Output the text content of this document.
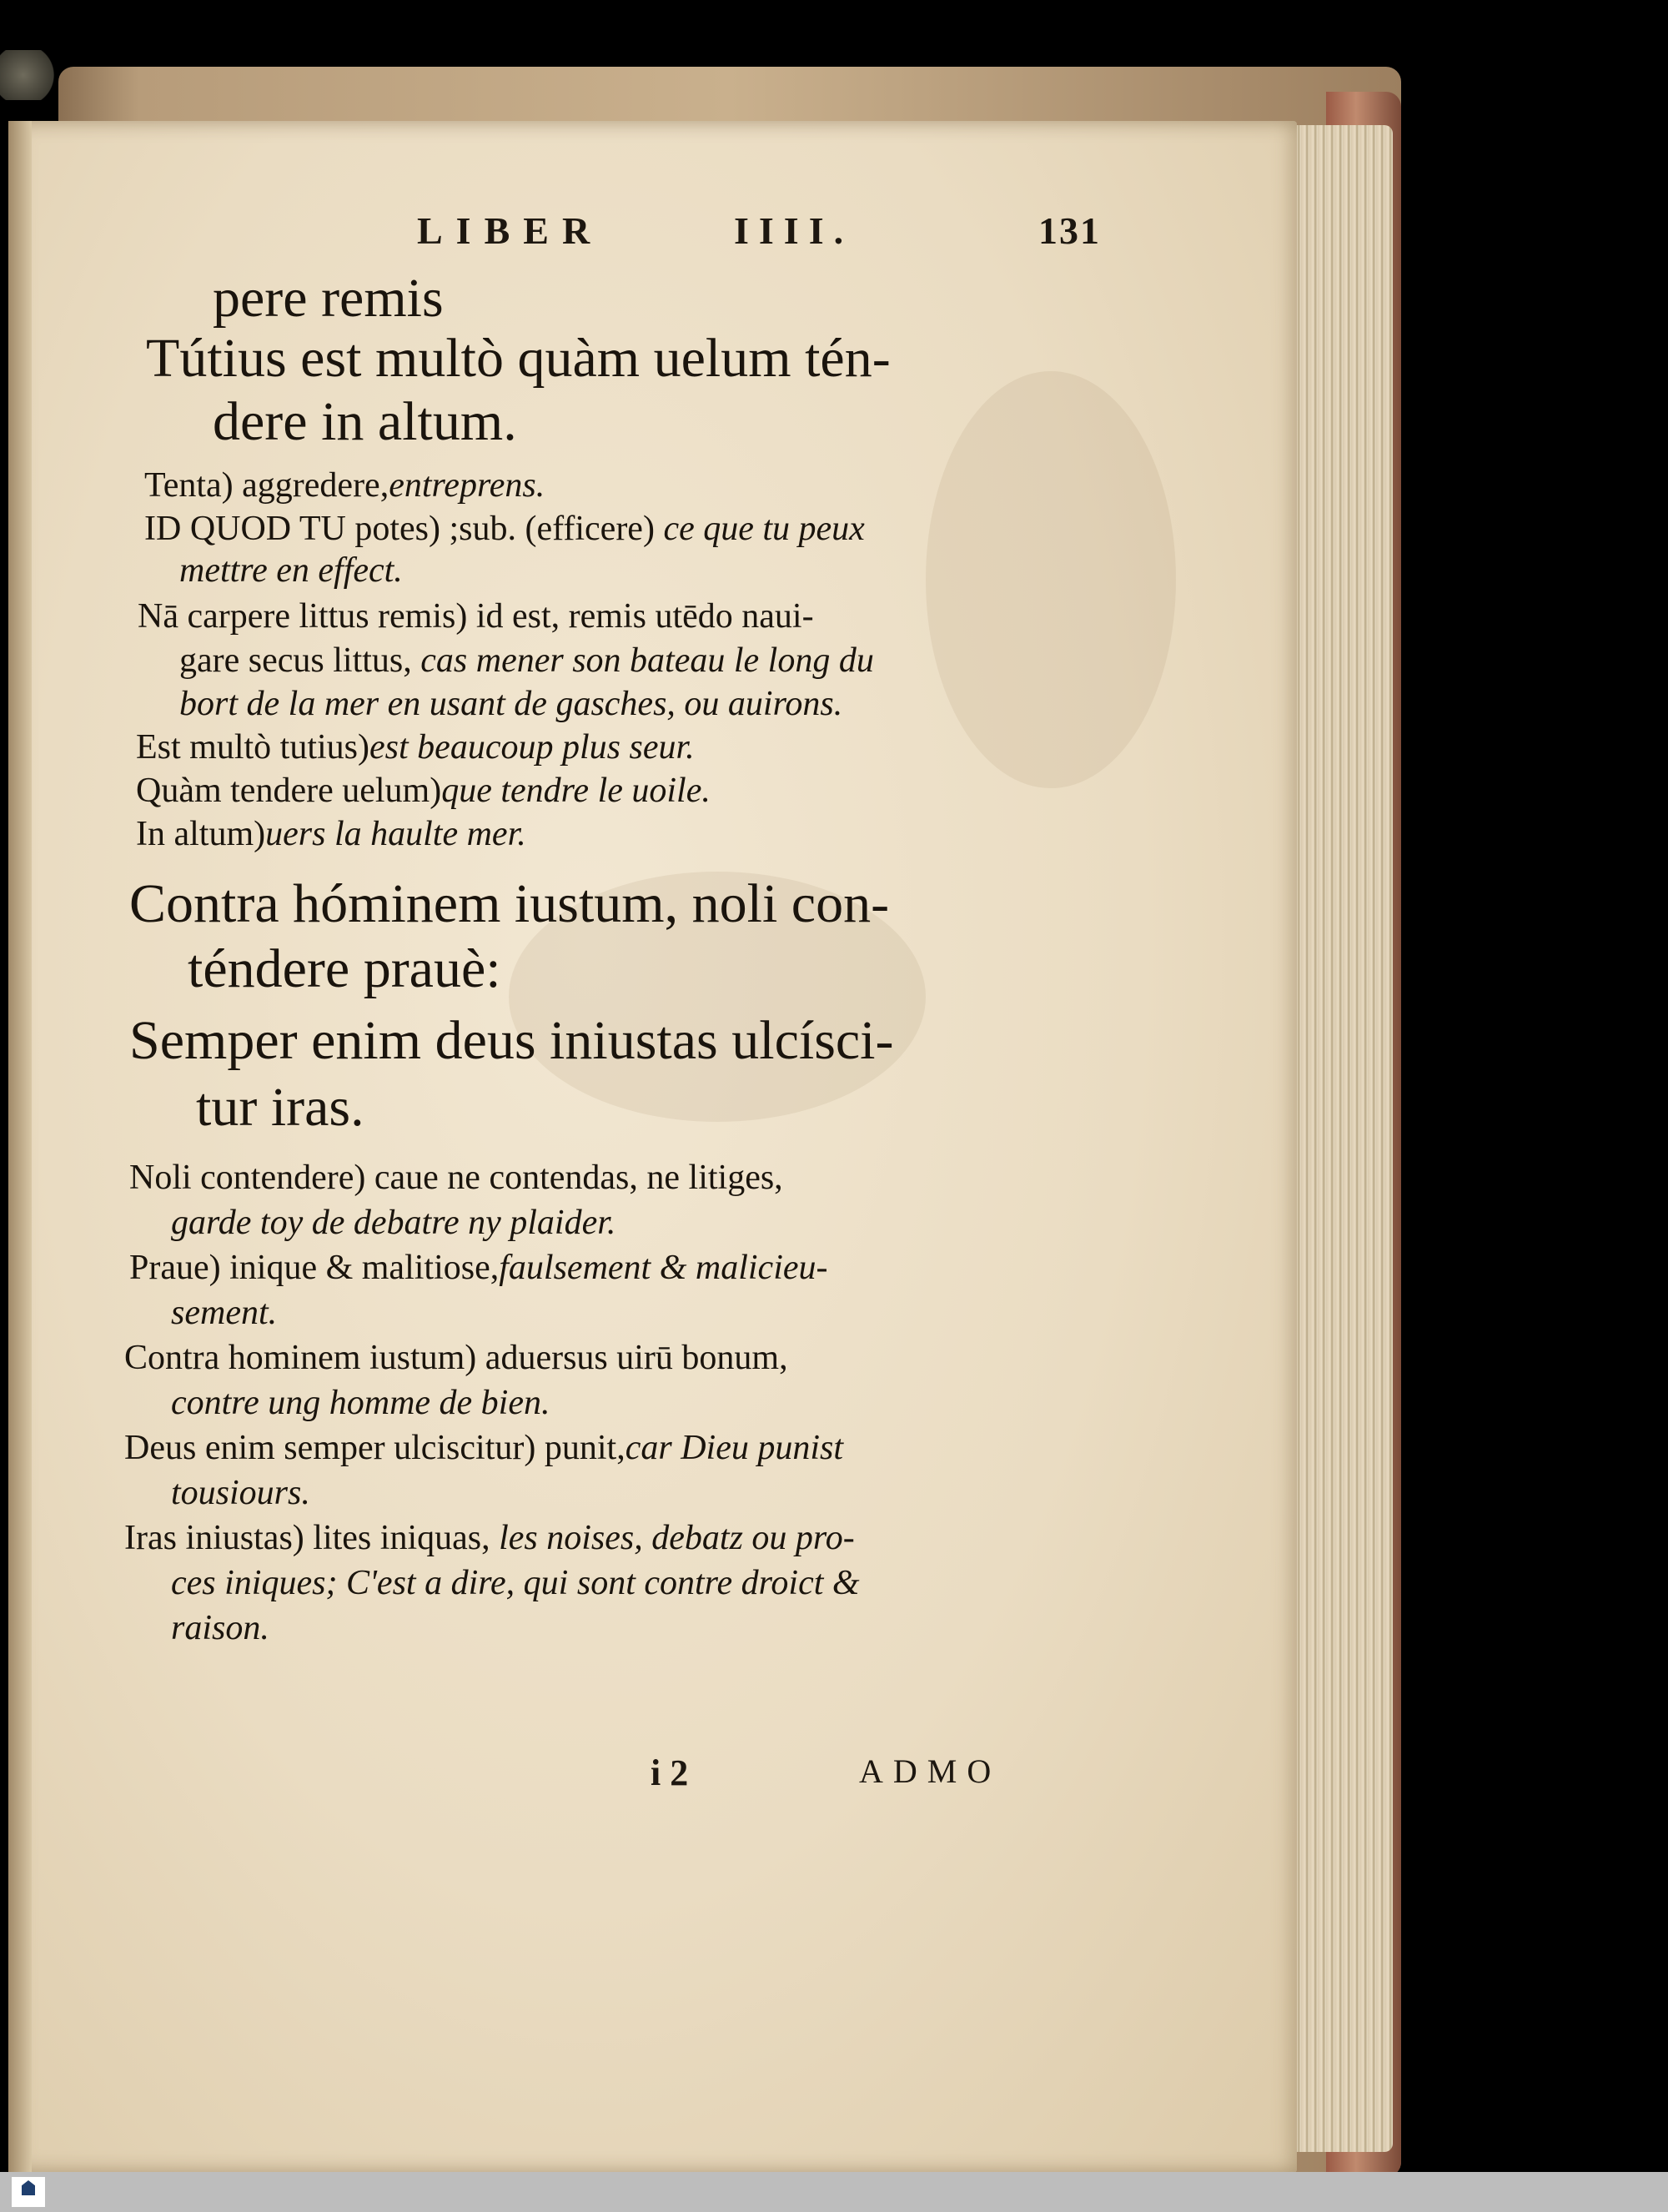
LIBER	IIII.	131
pere remis
Tútius est multò quàm uelum tén-
dere in altum.
Tenta) aggredere,entreprens.
ID QUOD TU potes) ;sub. (efficere) ce que tu peux
mettre en effect.
Nā carpere littus remis) id est, remis utēdo naui-
gare secus littus, cas mener son bateau le long du
bort de la mer en usant de gasches, ou auirons.
Est multò tutius)est beaucoup plus seur.
Quàm tendere uelum)que tendre le uoile.
In altum)uers la haulte mer.
Contra hóminem iustum, noli con-
téndere prauè:
Semper enim deus iniustas ulcísci-
tur iras.
Noli contendere) caue ne contendas, ne litiges,
garde toy de debatre ny plaider.
Praue) inique & malitiose,faulsement & malicieu-
sement.
Contra hominem iustum) aduersus uirū bonum,
contre ung homme de bien.
Deus enim semper ulciscitur) punit,car Dieu punist
tousiours.
Iras iniustas) lites iniquas, les noises, debatz ou pro-
ces iniques; C'est a dire, qui sont contre droict &
raison.
i 2	ADMO
